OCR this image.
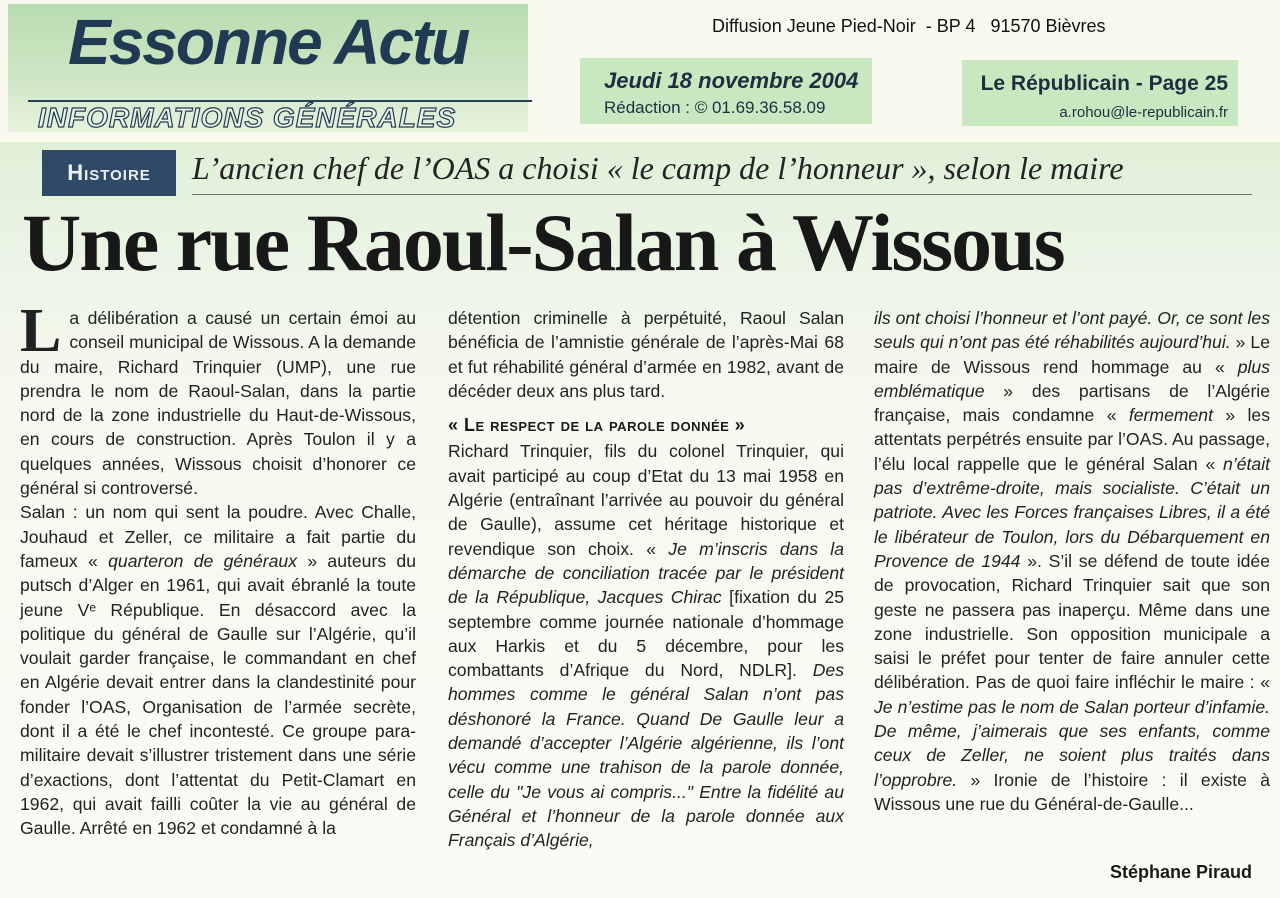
Essonne Actu
INFORMATIONS GÉNÉRALES
Diffusion Jeune Pied-Noir  - BP 4   91570 Bièvres
Jeudi 18 novembre 2004
Rédaction : © 01.69.36.58.09
Le Républicain - Page 25
a.rohou@le-republicain.fr
Histoire	L’ancien chef de l’OAS a choisi « le camp de l’honneur », selon le maire
Une rue Raoul-Salan à Wissous

La délibération a causé un certain émoi au conseil municipal de Wissous. A la demande du maire, Richard Trinquier (UMP), une rue prendra le nom de Raoul-Salan, dans la partie nord de la zone industrielle du Haut-de-Wissous, en cours de construction. Après Toulon il y a quelques années, Wissous choisit d’honorer ce général si controversé.

Salan : un nom qui sent la poudre. Avec Challe, Jouhaud et Zeller, ce militaire a fait partie du fameux « quarteron de généraux » auteurs du putsch d’Alger en 1961, qui avait ébranlé la toute jeune Vᵉ République. En désaccord avec la politique du général de Gaulle sur l’Algérie, qu’il voulait garder française, le commandant en chef en Algérie devait entrer dans la clandestinité pour fonder l’OAS, Organisation de l’armée secrète, dont il a été le chef incontesté. Ce groupe para-militaire devait s’illustrer tristement dans une série d’exactions, dont l’attentat du Petit-Clamart en 1962, qui avait failli coûter la vie au général de Gaulle. Arrêté en 1962 et condamné à la

détention criminelle à perpétuité, Raoul Salan bénéficia de l’amnistie générale de l’après-Mai 68 et fut réhabilité général d’armée en 1982, avant de décéder deux ans plus tard.

« Le respect de la parole donnée »

Richard Trinquier, fils du colonel Trinquier, qui avait participé au coup d’Etat du 13 mai 1958 en Algérie (entraînant l’arrivée au pouvoir du général de Gaulle), assume cet héritage historique et revendique son choix. « Je m’inscris dans la démarche de conciliation tracée par le président de la République, Jacques Chirac [fixation du 25 septembre comme journée nationale d’hommage aux Harkis et du 5 décembre, pour les combattants d’Afrique du Nord, NDLR]. Des hommes comme le général Salan n’ont pas déshonoré la France. Quand De Gaulle leur a demandé d’accepter l’Algérie algérienne, ils l’ont vécu comme une trahison de la parole donnée, celle du "Je vous ai compris..." Entre la fidélité au Général et l’honneur de la parole donnée aux Français d’Algérie,

ils ont choisi l’honneur et l’ont payé. Or, ce sont les seuls qui n’ont pas été réhabilités aujourd’hui. » Le maire de Wissous rend hommage au « plus emblématique » des partisans de l’Algérie française, mais condamne « fermement » les attentats perpétrés ensuite par l’OAS. Au passage, l’élu local rappelle que le général Salan « n’était pas d’extrême-droite, mais socialiste. C’était un patriote. Avec les Forces françaises Libres, il a été le libérateur de Toulon, lors du Débarquement en Provence de 1944 ». S’il se défend de toute idée de provocation, Richard Trinquier sait que son geste ne passera pas inaperçu. Même dans une zone industrielle. Son opposition municipale a saisi le préfet pour tenter de faire annuler cette délibération. Pas de quoi faire infléchir le maire : « Je n’estime pas le nom de Salan porteur d’infamie. De même, j’aimerais que ses enfants, comme ceux de Zeller, ne soient plus traités dans l’opprobre. » Ironie de l’histoire : il existe à Wissous une rue du Général-de-Gaulle...

Stéphane Piraud
